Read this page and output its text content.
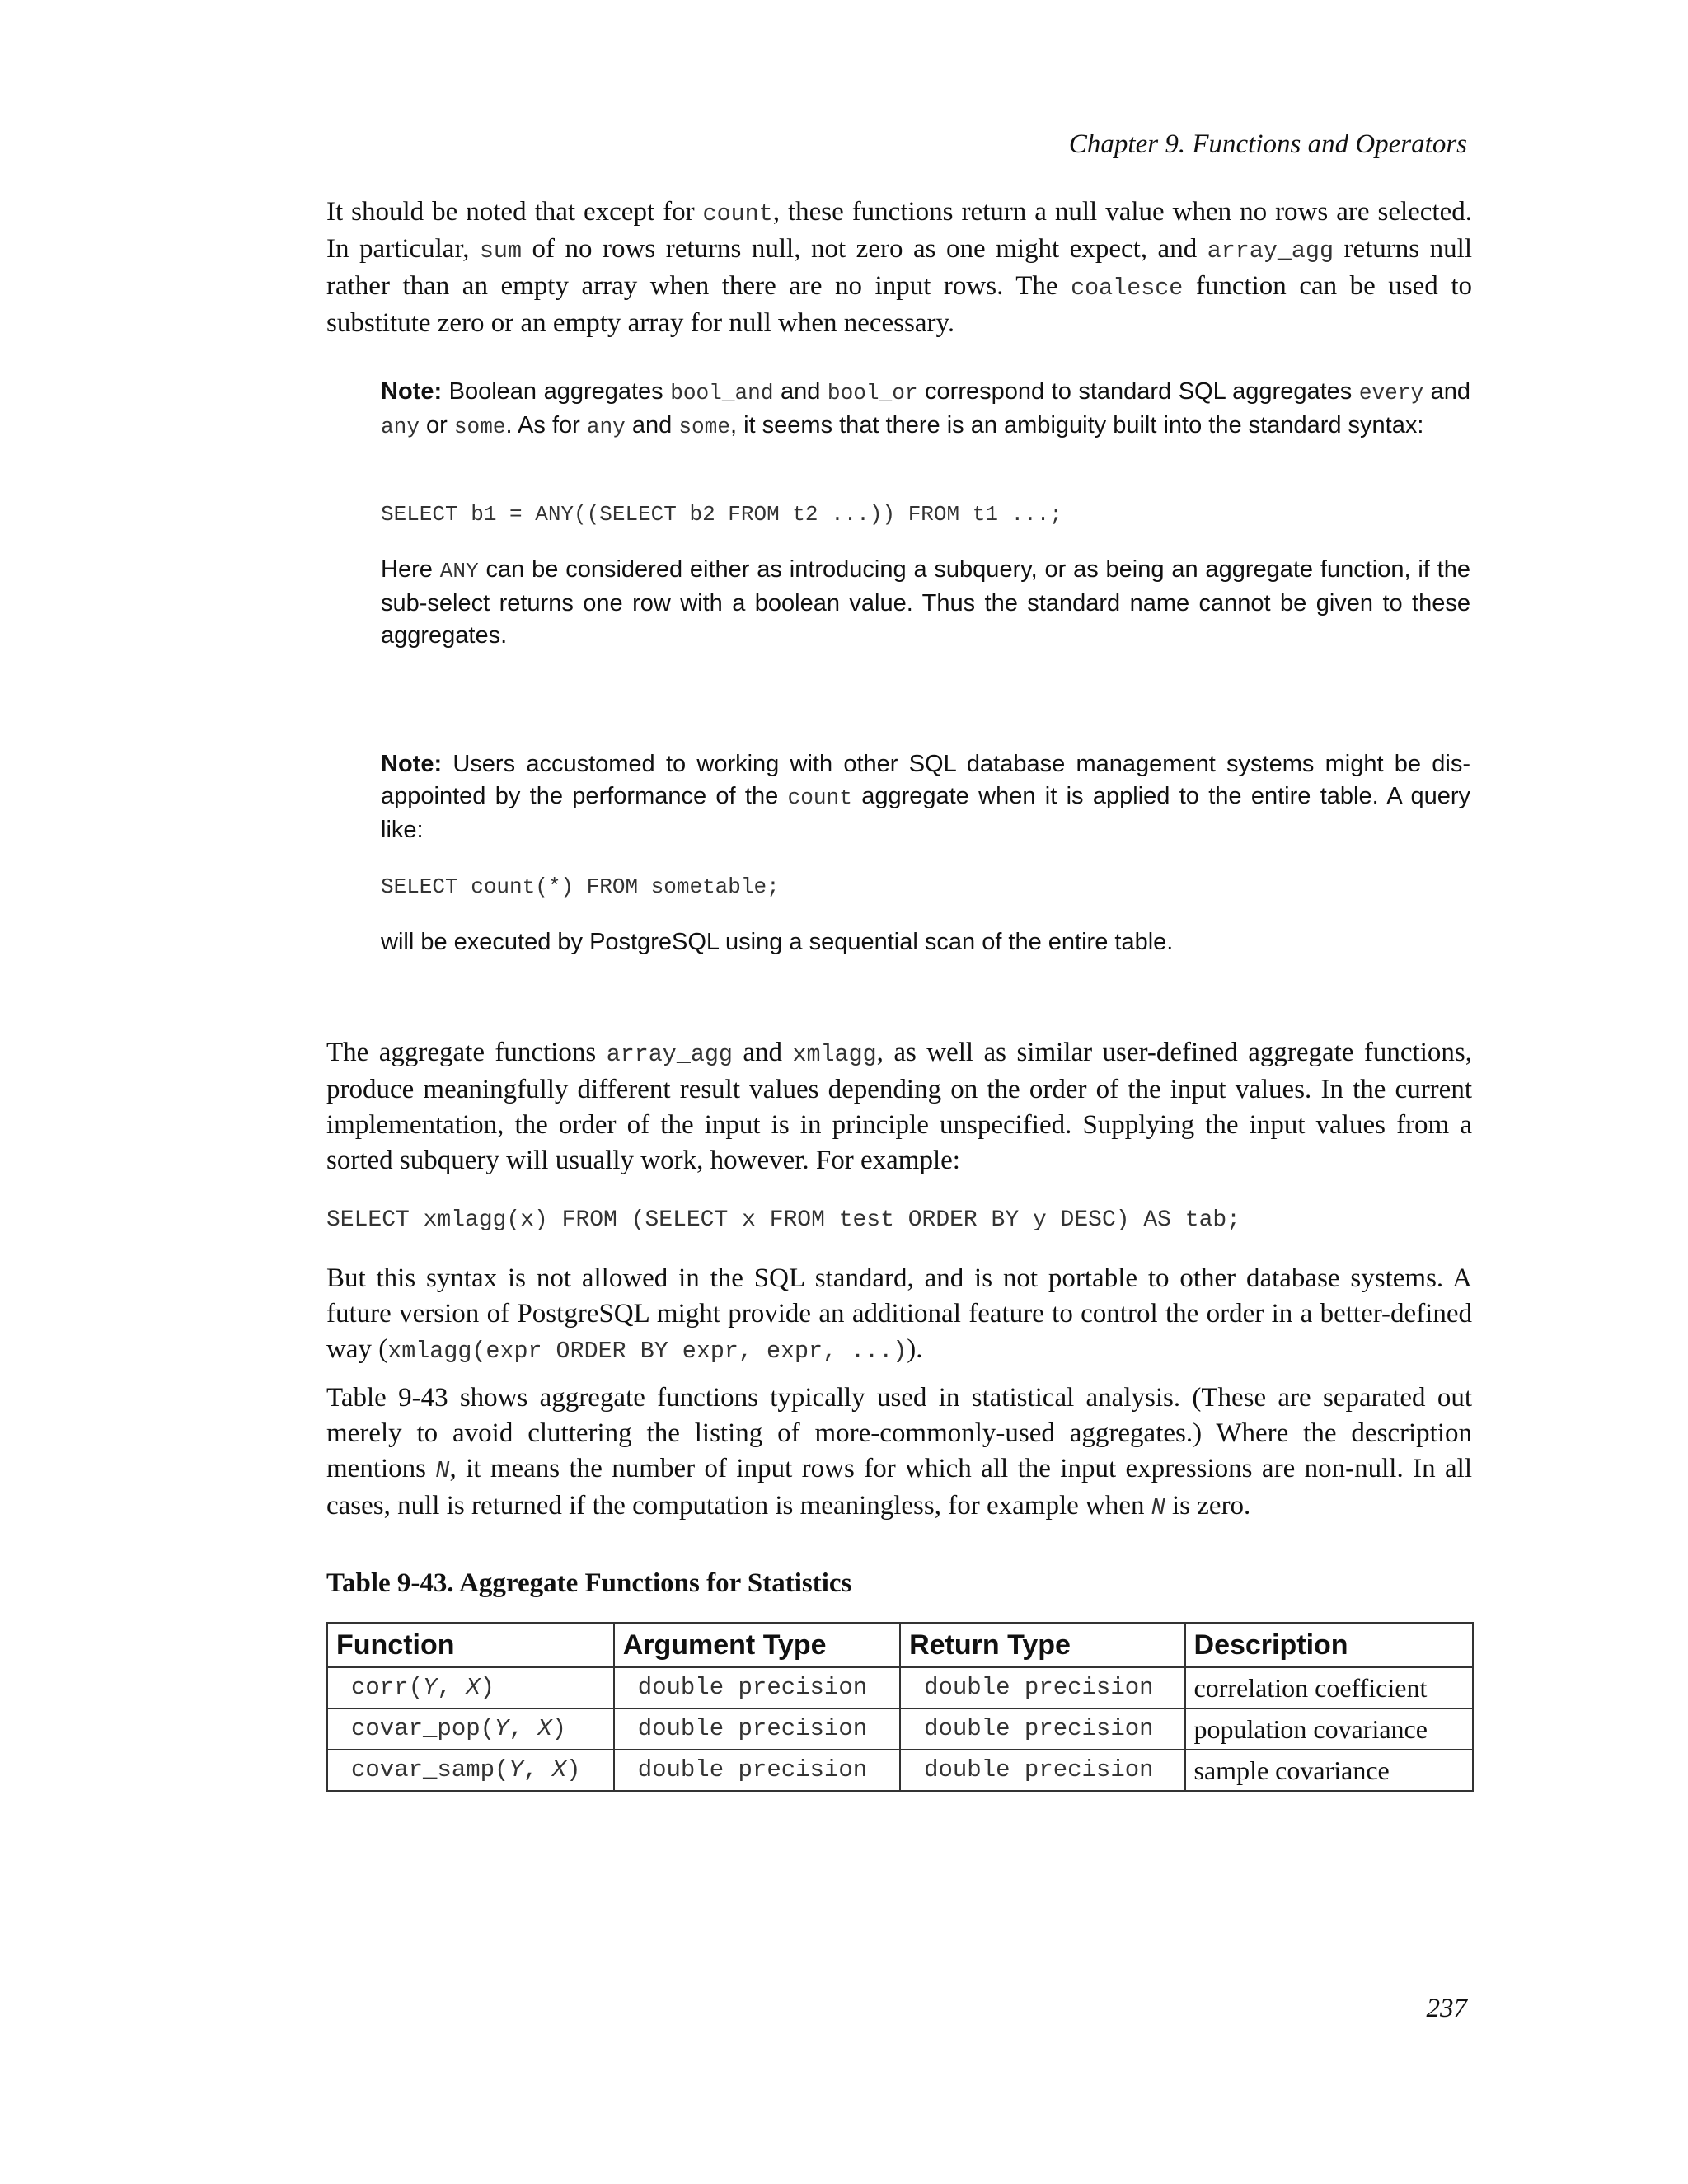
Chapter 9. Functions and Operators
It should be noted that except for count, these functions return a null value when no rows are selected. In particular, sum of no rows returns null, not zero as one might expect, and array_agg returns null rather than an empty array when there are no input rows. The coalesce function can be used to substitute zero or an empty array for null when necessary.
Note: Boolean aggregates bool_and and bool_or correspond to standard SQL aggregates every and any or some. As for any and some, it seems that there is an ambiguity built into the standard syntax:
SELECT b1 = ANY((SELECT b2 FROM t2 ...)) FROM t1 ...;
Here ANY can be considered either as introducing a subquery, or as being an aggregate function, if the sub-select returns one row with a boolean value. Thus the standard name cannot be given to these aggregates.
Note: Users accustomed to working with other SQL database management systems might be dis-appointed by the performance of the count aggregate when it is applied to the entire table. A query like:
SELECT count(*) FROM sometable;
will be executed by PostgreSQL using a sequential scan of the entire table.
The aggregate functions array_agg and xmlagg, as well as similar user-defined aggregate functions, produce meaningfully different result values depending on the order of the input values. In the current implementation, the order of the input is in principle unspecified. Supplying the input values from a sorted subquery will usually work, however. For example:
SELECT xmlagg(x) FROM (SELECT x FROM test ORDER BY y DESC) AS tab;
But this syntax is not allowed in the SQL standard, and is not portable to other database systems. A future version of PostgreSQL might provide an additional feature to control the order in a better-defined way (xmlagg(expr ORDER BY expr, expr, ...)).
Table 9-43 shows aggregate functions typically used in statistical analysis. (These are separated out merely to avoid cluttering the listing of more-commonly-used aggregates.) Where the description mentions N, it means the number of input rows for which all the input expressions are non-null. In all cases, null is returned if the computation is meaningless, for example when N is zero.
Table 9-43. Aggregate Functions for Statistics
Function	Argument Type	Return Type	Description
corr(Y, X)	double precision	double precision	correlation coefficient
covar_pop(Y, X)	double precision	double precision	population covariance
covar_samp(Y, X)	double precision	double precision	sample covariance
237
